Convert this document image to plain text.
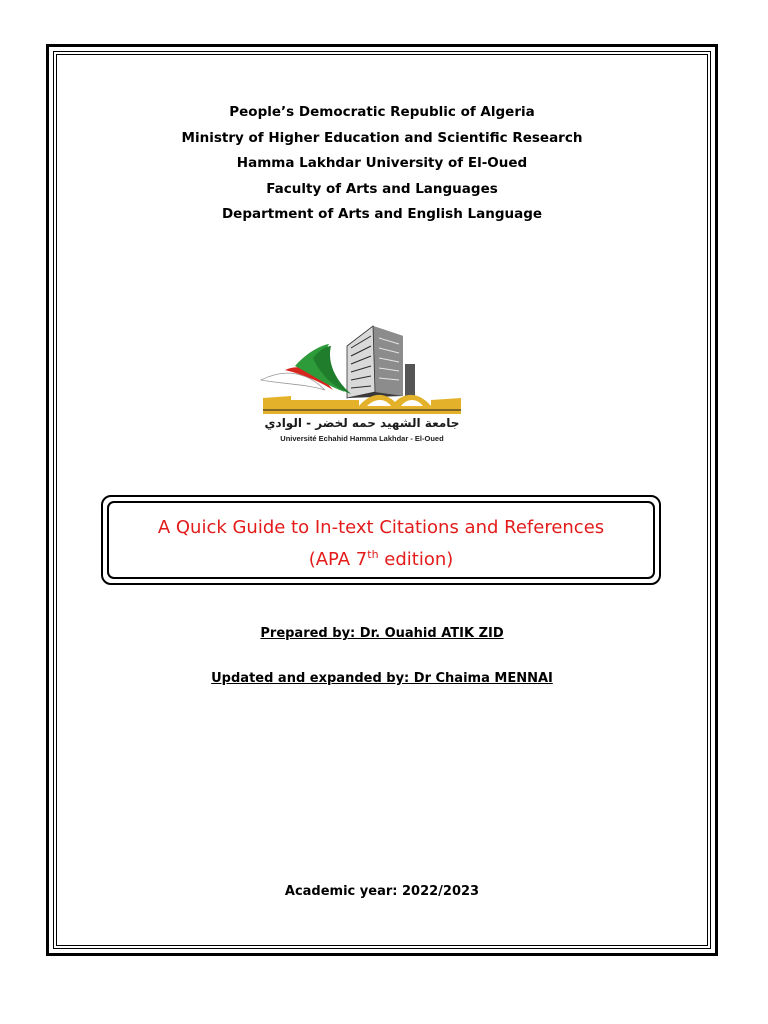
People’s Democratic Republic of Algeria
Ministry of Higher Education and Scientific Research
Hamma Lakhdar University of El-Oued
Faculty of Arts and Languages
Department of Arts and English Language
جامعة الشهيد حمه لخضر - الوادي
Université Echahid Hamma Lakhdar - El-Oued
A Quick Guide to In-text Citations and References
(APA 7th edition)
Prepared by: Dr. Ouahid ATIK ZID
Updated and expanded by: Dr Chaima MENNAI
Academic year: 2022/2023
